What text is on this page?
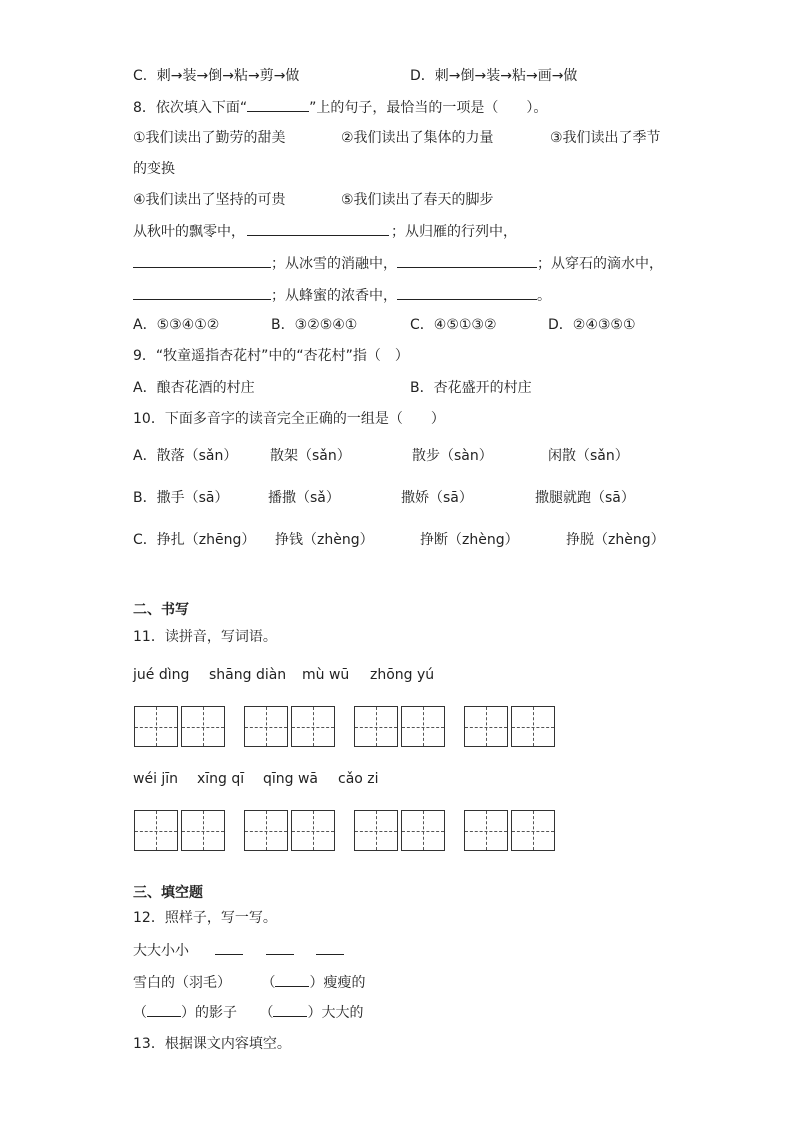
C．刺→装→倒→粘→剪→做	D．刺→倒→装→粘→画→做
8．依次填入下面“	”上的句子，最恰当的一项是（　　）。
①我们读出了勤劳的甜美	②我们读出了集体的力量	③我们读出了季节
的变换
④我们读出了坚持的可贵	⑤我们读出了春天的脚步
从秋叶的飘零中，	；从归雁的行列中，
；从冰雪的消融中，	；从穿石的滴水中，
；从蜂蜜的浓香中，	。
A．⑤③④①②	B．③②⑤④①	C．④⑤①③②	D．②④③⑤①
9．“牧童遥指杏花村”中的“杏花村”指（　）
A．酿杏花酒的村庄	B．杏花盛开的村庄
10．下面多音字的读音完全正确的一组是（　　）
A．散落（sǎn） 散架（sǎn）	散步（sàn）	闲散（sǎn）
B．撒手（sā）	播撒（sǎ）	撒娇（sā）	撒腿就跑（sā）
C．挣扎（zhēng） 挣钱（zhèng）	挣断（zhèng）	挣脱（zhèng）
二、书写
11．读拼音，写词语。
jué dìng shāng diàn mù wū zhōng yú
wéi jīn xīng qī qīng wā cǎo zi
三、填空题
12．照样子，写一写。
大大小小
雪白的（羽毛） （ ）瘦瘦的
（ ）的影子 （ ）大大的
13．根据课文内容填空。
